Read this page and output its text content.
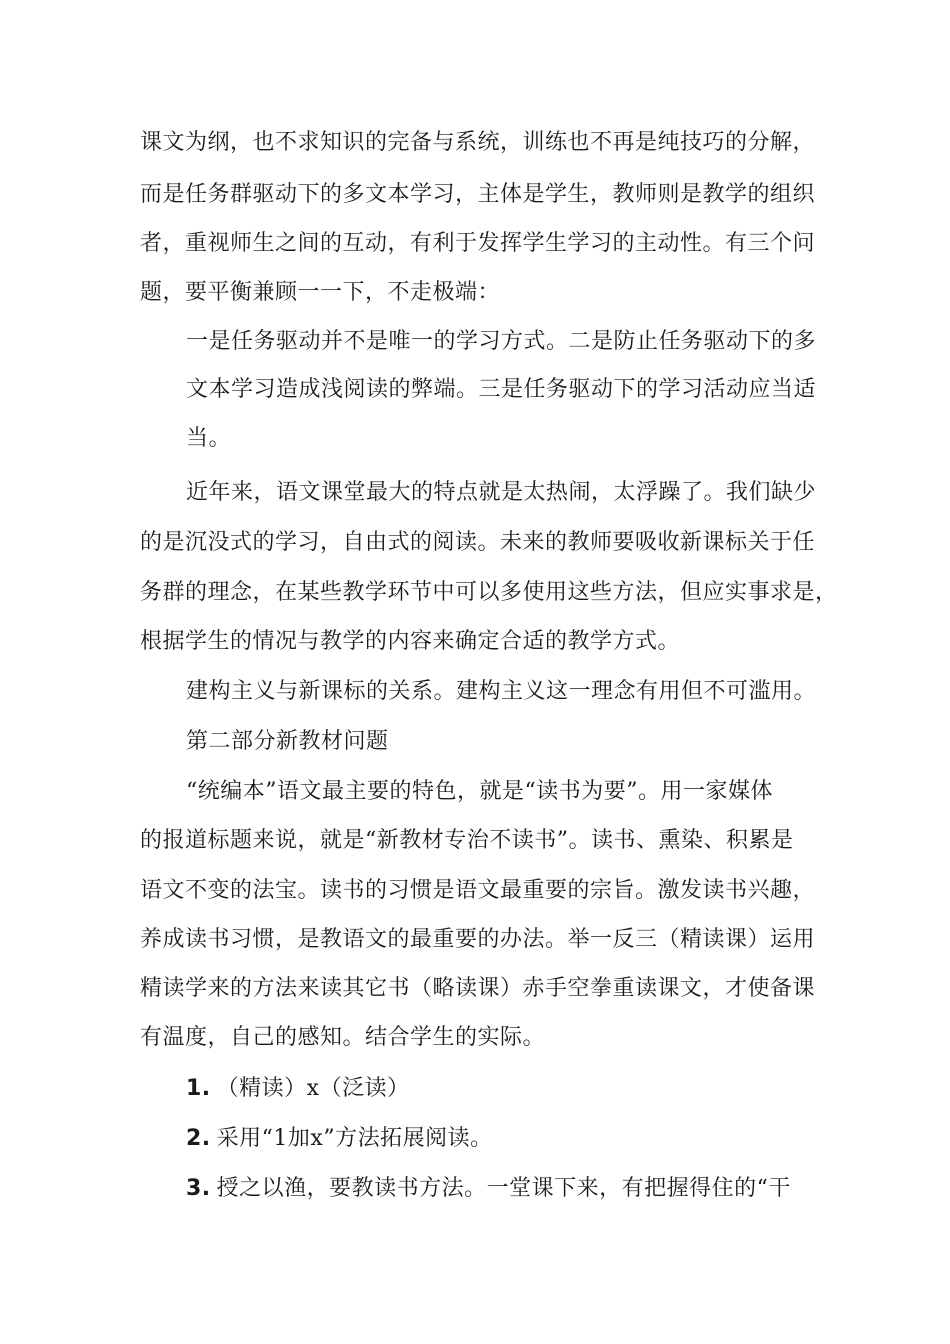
课文为纲，也不求知识的完备与系统，训练也不再是纯技巧的分解，
而是任务群驱动下的多文本学习，主体是学生，教师则是教学的组织
者，重视师生之间的互动，有利于发挥学生学习的主动性。有三个问
题，要平衡兼顾一一下，不走极端：
一是任务驱动并不是唯一的学习方式。二是防止任务驱动下的多
文本学习造成浅阅读的弊端。三是任务驱动下的学习活动应当适
当。
近年来，语文课堂最大的特点就是太热闹，太浮躁了。我们缺少
的是沉没式的学习，自由式的阅读。未来的教师要吸收新课标关于任
务群的理念，在某些教学环节中可以多使用这些方法，但应实事求是，
根据学生的情况与教学的内容来确定合适的教学方式。
建构主义与新课标的关系。建构主义这一理念有用但不可滥用。
第二部分新教材问题
“统编本”语文最主要的特色，就是“读书为要”。用一家媒体
的报道标题来说，就是“新教材专治不读书”。读书、熏染、积累是
语文不变的法宝。读书的习惯是语文最重要的宗旨。激发读书兴趣，
养成读书习惯，是教语文的最重要的办法。举一反三（精读课）运用
精读学来的方法来读其它书（略读课）赤手空拳重读课文，才使备课
有温度，自己的感知。结合学生的实际。
1. （精读）x（泛读）
2. 采用“1加x”方法拓展阅读。
3. 授之以渔，要教读书方法。一堂课下来，有把握得住的“干
